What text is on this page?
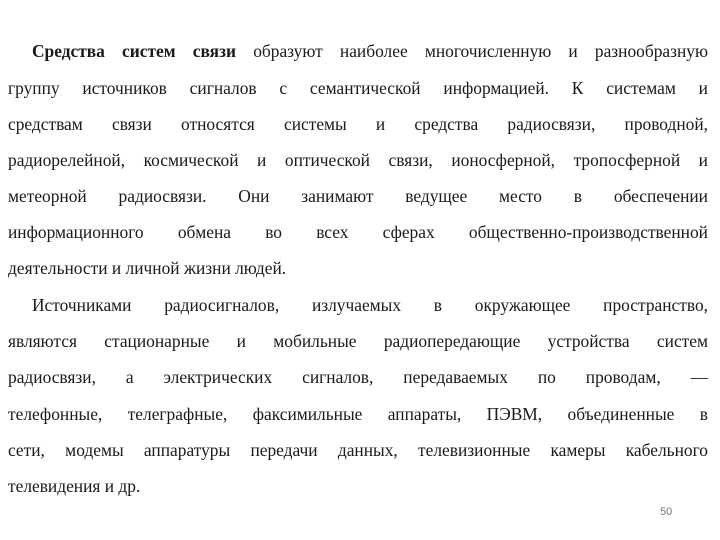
Средства систем связи образуют наиболее многочисленную и разнообразную
группу источников сигналов с семантической информацией. К системам и
средствам связи относятся системы и средства радиосвязи, проводной,
радиорелейной, космической и оптической связи, ионосферной, тропосферной и
метеорной радиосвязи. Они занимают ведущее место в обеспечении
информационного обмена во всех сферах общественно-производственной
деятельности и личной жизни людей.
Источниками радиосигналов, излучаемых в окружающее пространство,
являются стационарные и мобильные радиопередающие устройства систем
радиосвязи, а электрических сигналов, передаваемых по проводам, —
телефонные, телеграфные, факсимильные аппараты, ПЭВМ, объединенные в
сети, модемы аппаратуры передачи данных, телевизионные камеры кабельного
телевидения и др.
50
